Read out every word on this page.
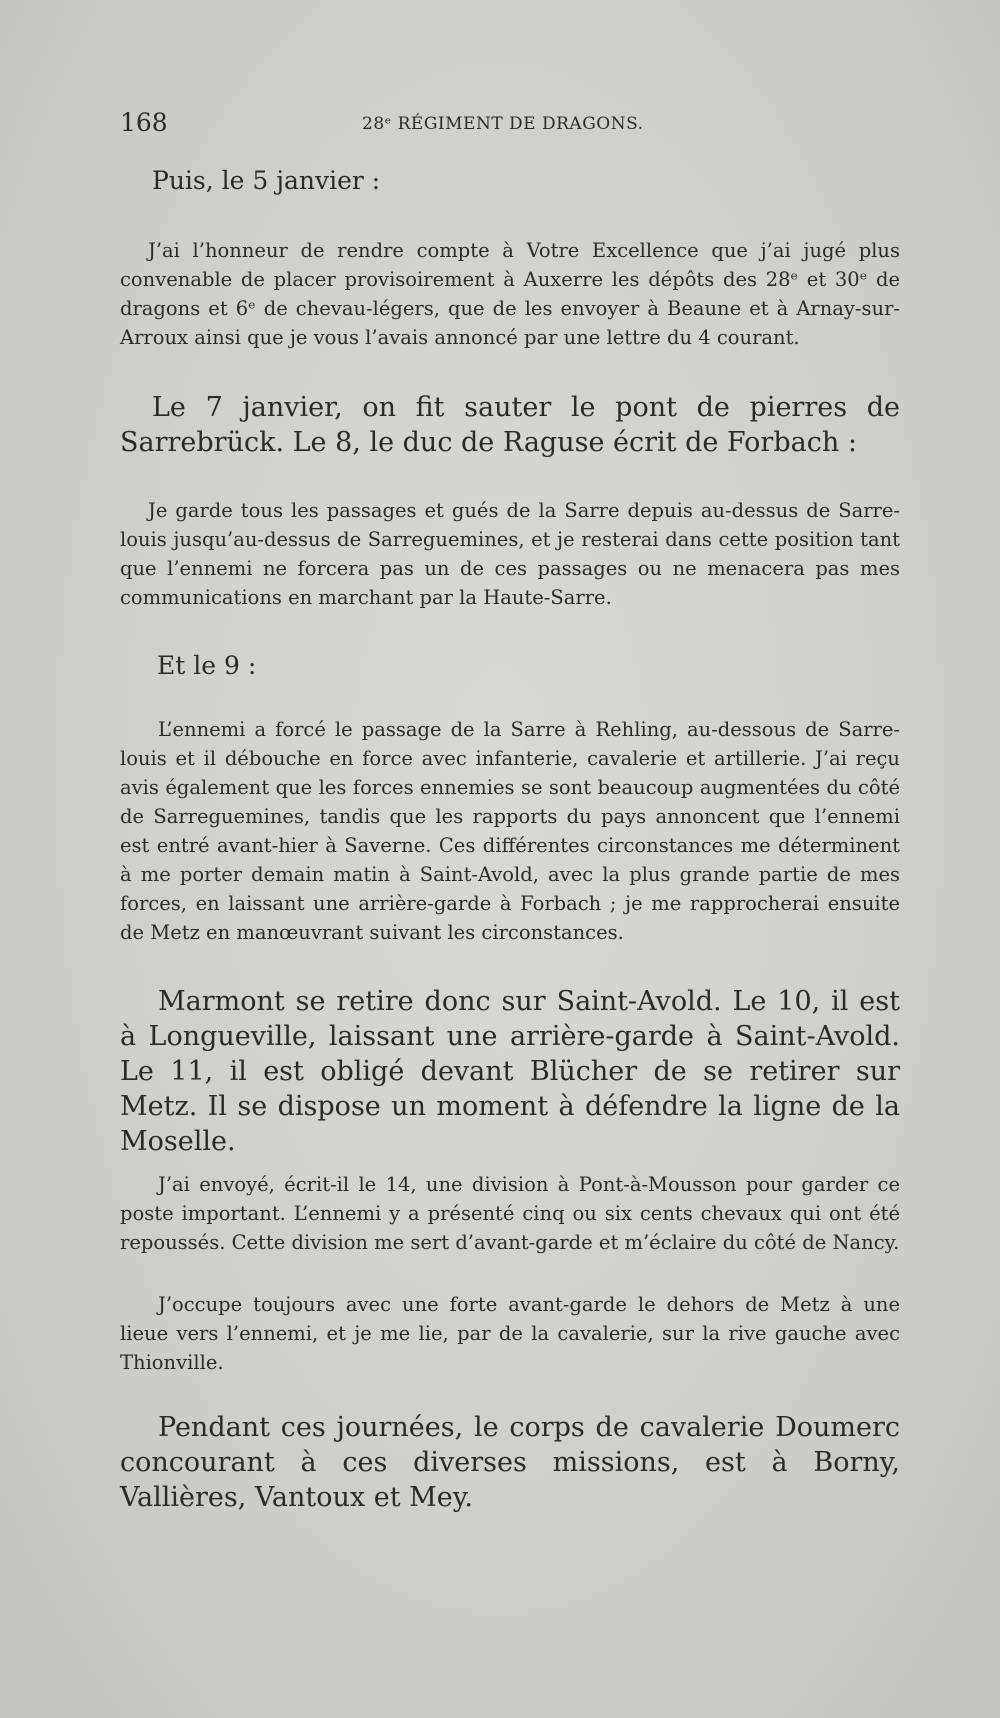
168	28ᵉ RÉGIMENT DE DRAGONS.

Puis, le 5 janvier :

J’ai l’honneur de rendre compte à Votre Excellence que j’ai jugé plus convenable de placer provisoirement à Auxerre les dépôts des 28ᵉ et 30ᵉ de dragons et 6ᵉ de chevau-légers, que de les envoyer à Beaune et à Arnay-sur-Arroux ainsi que je vous l’avais annoncé par une lettre du 4 courant.

Le 7 janvier, on fit sauter le pont de pierres de Sarrebrück. Le 8, le duc de Raguse écrit de Forbach :

Je garde tous les passages et gués de la Sarre depuis au-dessus de Sarre-louis jusqu’au-dessus de Sarreguemines, et je resterai dans cette position tant que l’ennemi ne forcera pas un de ces passages ou ne menacera pas mes communications en marchant par la Haute-Sarre.

Et le 9 :

L’ennemi a forcé le passage de la Sarre à Rehling, au-dessous de Sarre-louis et il débouche en force avec infanterie, cavalerie et artillerie. J’ai reçu avis également que les forces ennemies se sont beaucoup augmentées du côté de Sarreguemines, tandis que les rapports du pays annoncent que l’ennemi est entré avant-hier à Saverne. Ces différentes circonstances me déterminent à me porter demain matin à Saint-Avold, avec la plus grande partie de mes forces, en laissant une arrière-garde à Forbach ; je me rapprocherai ensuite de Metz en manœuvrant suivant les circonstances.

Marmont se retire donc sur Saint-Avold. Le 10, il est à Longueville, laissant une arrière-garde à Saint-Avold. Le 11, il est obligé devant Blücher de se retirer sur Metz. Il se dispose un moment à défendre la ligne de la Moselle.

J’ai envoyé, écrit-il le 14, une division à Pont-à-Mousson pour garder ce poste important. L’ennemi y a présenté cinq ou six cents chevaux qui ont été repoussés. Cette division me sert d’avant-garde et m’éclaire du côté de Nancy.

J’occupe toujours avec une forte avant-garde le dehors de Metz à une lieue vers l’ennemi, et je me lie, par de la cavalerie, sur la rive gauche avec Thionville.

Pendant ces journées, le corps de cavalerie Doumerc concourant à ces diverses missions, est à Borny, Vallières, Vantoux et Mey.
